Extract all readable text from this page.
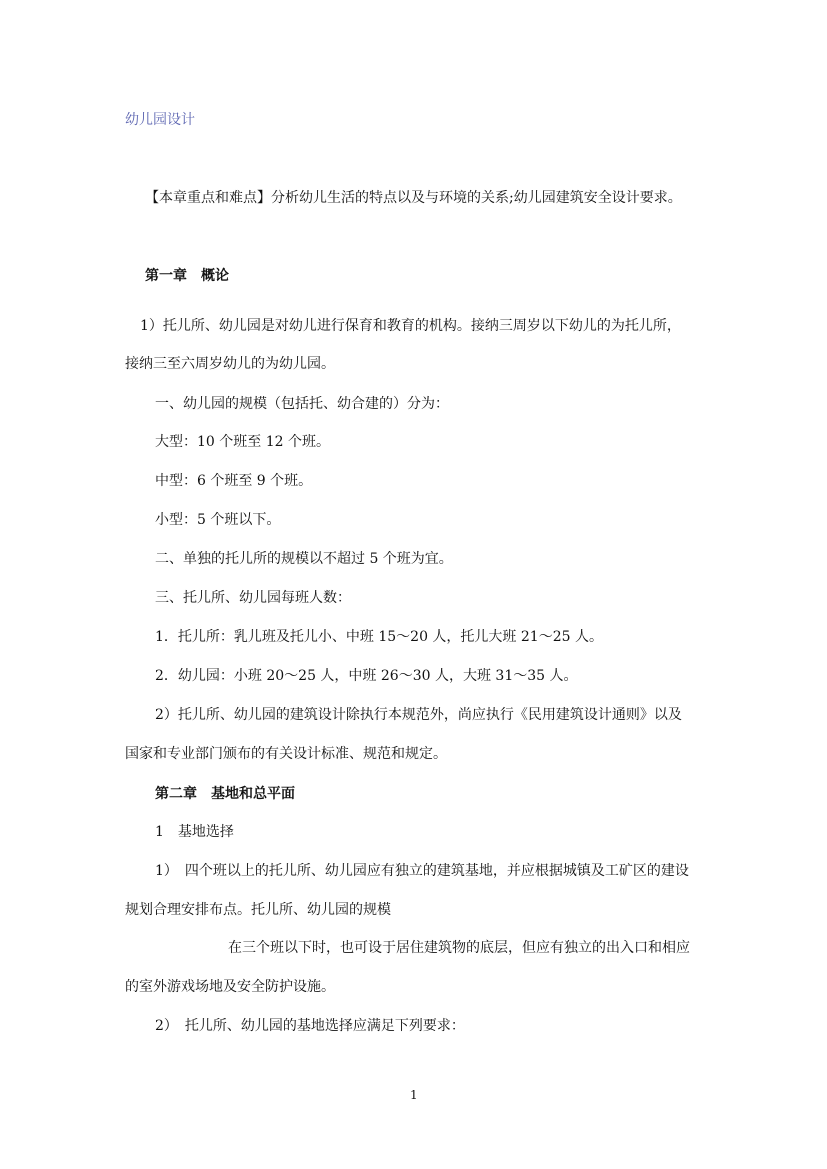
幼儿园设计

【本章重点和难点】分析幼儿生活的特点以及与环境的关系;幼儿园建筑安全设计要求。

第一章　概论

1）托儿所、幼儿园是对幼儿进行保育和教育的机构。接纳三周岁以下幼儿的为托儿所，

接纳三至六周岁幼儿的为幼儿园。

一、幼儿园的规模（包括托、幼合建的）分为：

大型：10 个班至 12 个班。

中型：6 个班至 9 个班。

小型：5 个班以下。

二、单独的托儿所的规模以不超过 5 个班为宜。

三、托儿所、幼儿园每班人数：

1．托儿所：乳儿班及托儿小、中班 15～20 人，托儿大班 21～25 人。

2．幼儿园：小班 20～25 人，中班 26～30 人，大班 31～35 人。

2）托儿所、幼儿园的建筑设计除执行本规范外，尚应执行《民用建筑设计通则》以及

国家和专业部门颁布的有关设计标准、规范和规定。

第二章　基地和总平面

1　基地选择

1）　四个班以上的托儿所、幼儿园应有独立的建筑基地，并应根据城镇及工矿区的建设

规划合理安排布点。托儿所、幼儿园的规模

在三个班以下时，也可设于居住建筑物的底层，但应有独立的出入口和相应

的室外游戏场地及安全防护设施。

2）　托儿所、幼儿园的基地选择应满足下列要求：

1
